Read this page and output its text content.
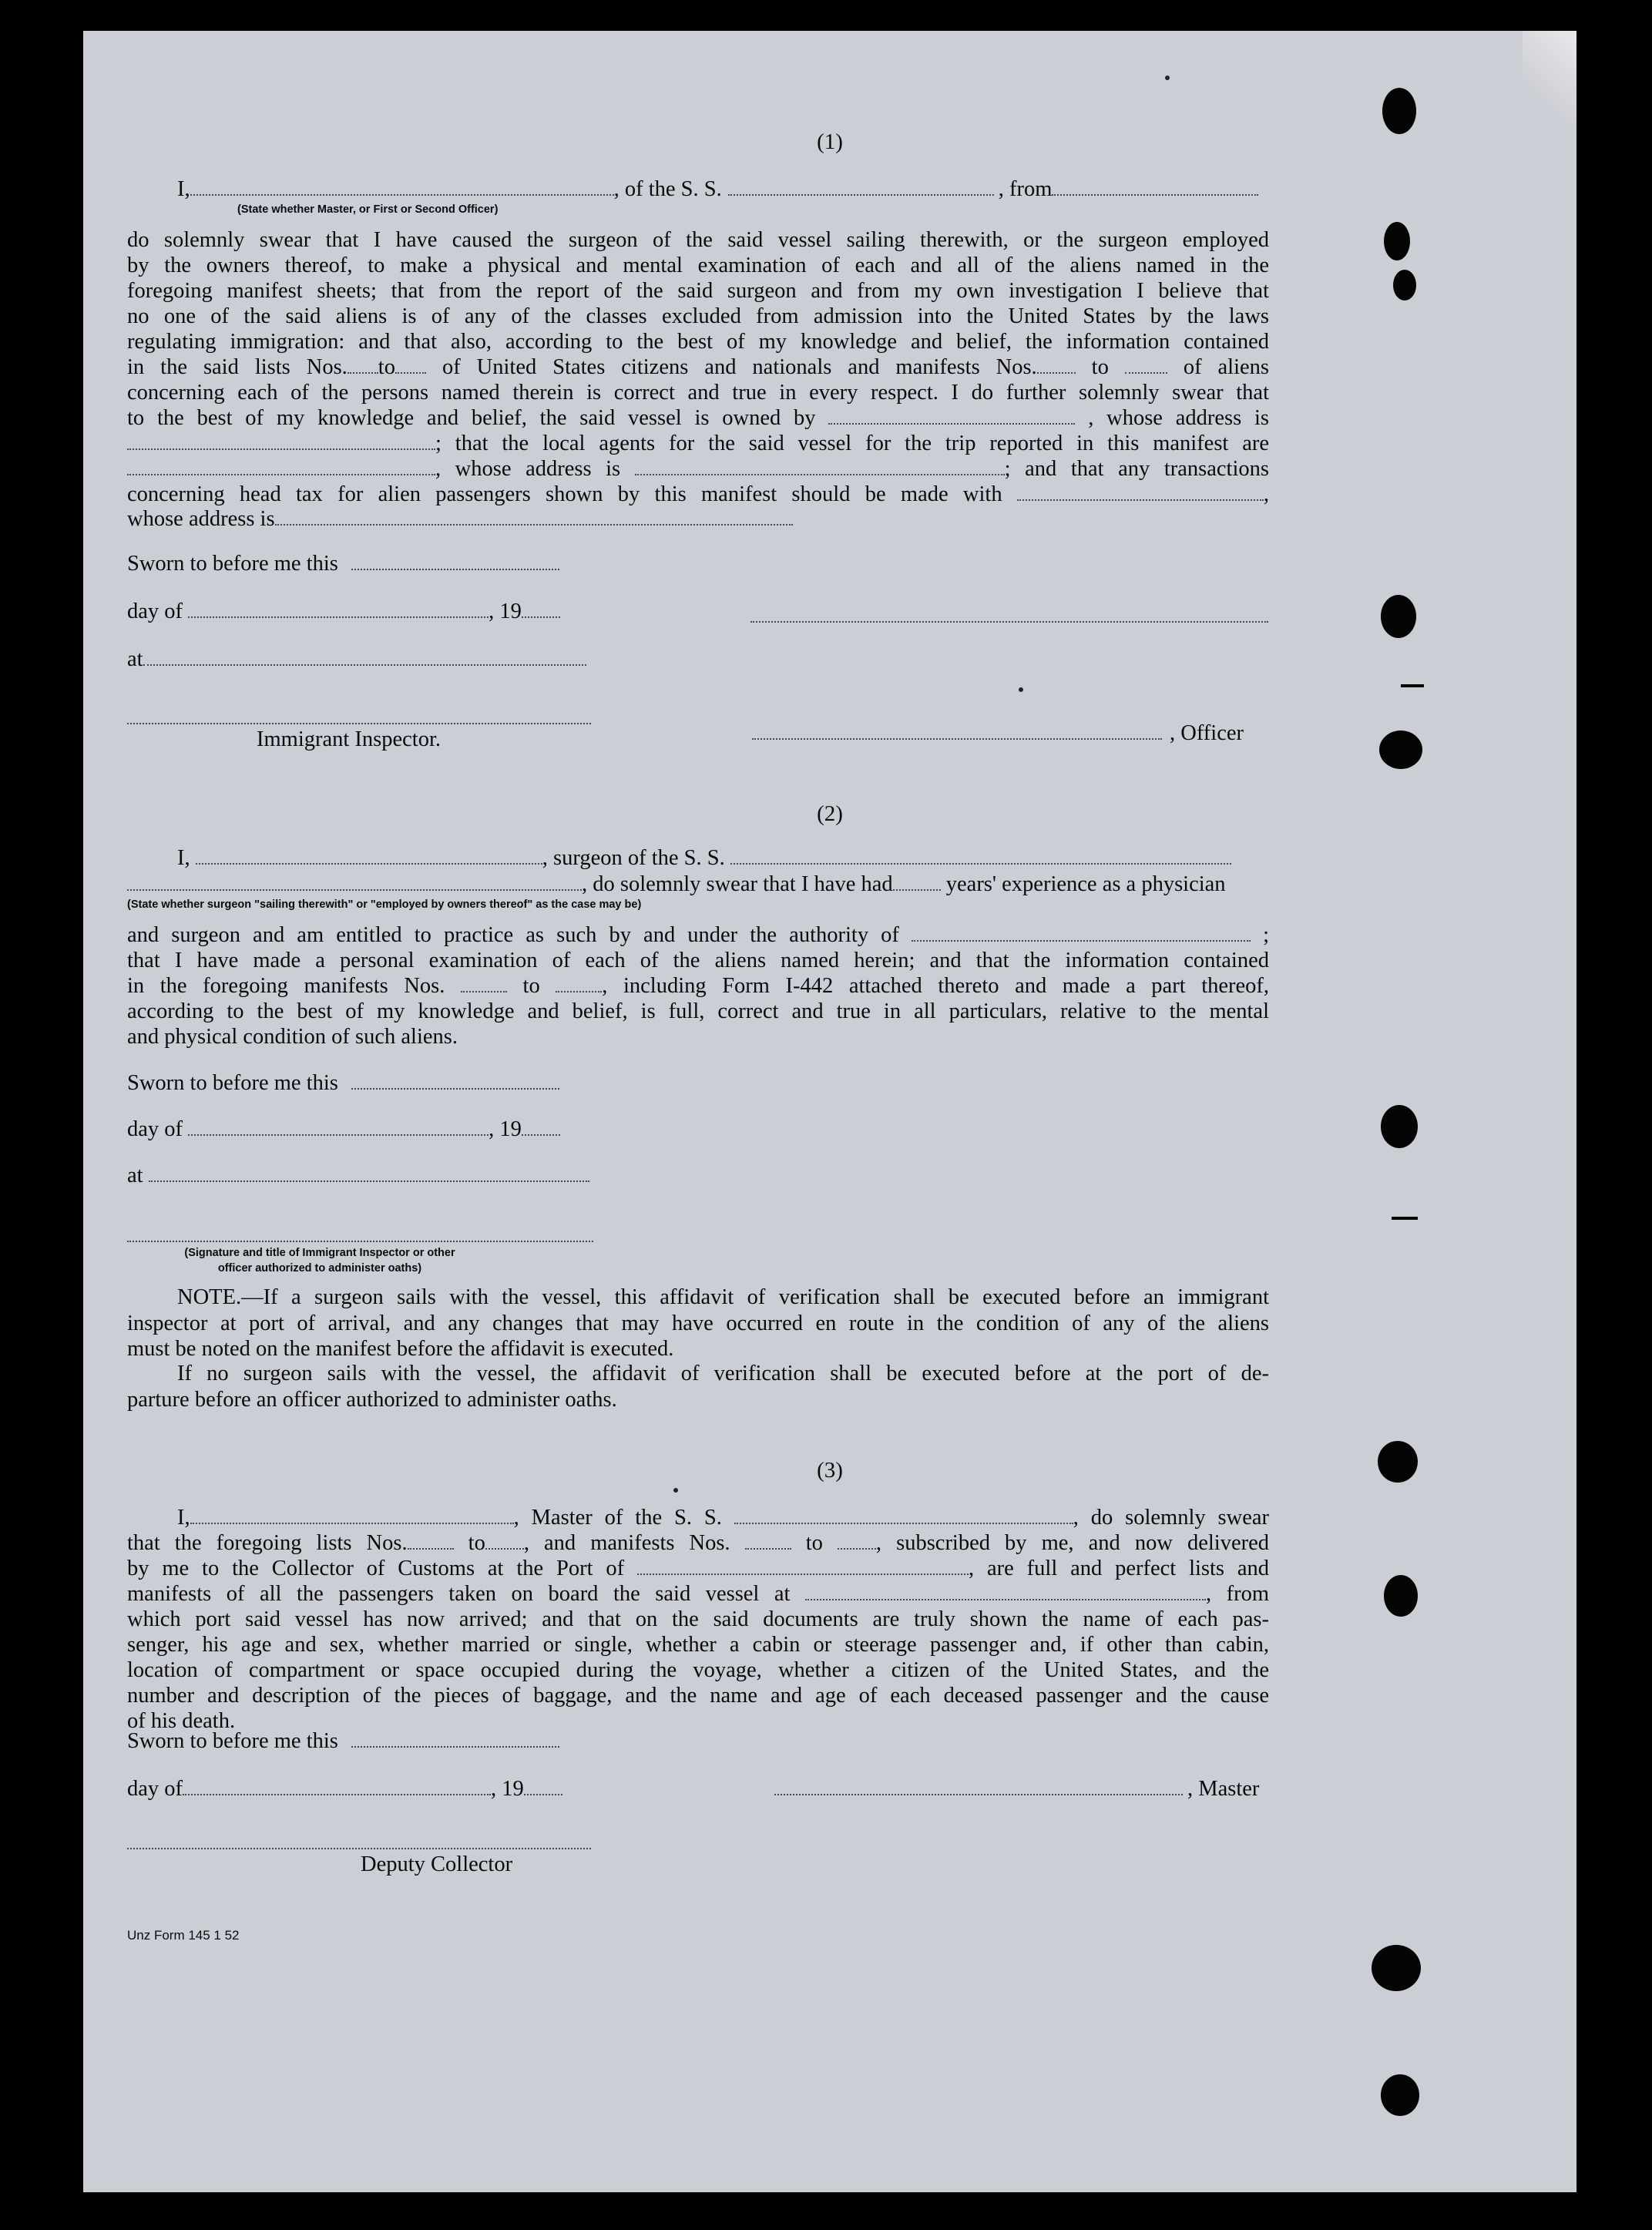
(1)
I,	, of the S. S.	, from
(State whether Master, or First or Second Officer)
do solemnly swear that I have caused the surgeon of the said vessel sailing therewith, or the surgeon employed
by the owners thereof, to make a physical and mental examination of each and all of the aliens named in the
foregoing manifest sheets; that from the report of the said surgeon and from my own investigation I believe that
no one of the said aliens is of any of the classes excluded from admission into the United States by the laws
regulating immigration: and that also, according to the best of my knowledge and belief, the information contained
in the said lists Nos. to of United States citizens and nationals and manifests Nos. to	of aliens
concerning each of the persons named therein is correct and true in every respect. I do further solemnly swear that
to the best of my knowledge and belief, the said vessel is owned by	, whose address is
; that the local agents for the said vessel for the trip reported in this manifest are
, whose address is	; and that any transactions
concerning head tax for alien passengers shown by this manifest should be made with	,
whose address is
Sworn to before me this
day of	, 19
at
Immigrant Inspector.	, Officer
(2)
I,	, surgeon of the S. S.
, do solemnly swear that I have had years' experience as a physician
(State whether surgeon "sailing therewith" or "employed by owners thereof" as the case may be)
and surgeon and am entitled to practice as such by and under the authority of	;
that I have made a personal examination of each of the aliens named herein; and that the information contained
in the foregoing manifests Nos.	to	, including Form I-442 attached thereto and made a part thereof,
according to the best of my knowledge and belief, is full, correct and true in all particulars, relative to the mental
and physical condition of such aliens.
Sworn to before me this
day of	, 19
at
(Signature and title of Immigrant Inspector or other
officer authorized to administer oaths)
NOTE.—If a surgeon sails with the vessel, this affidavit of verification shall be executed before an immigrant
inspector at port of arrival, and any changes that may have occurred en route in the condition of any of the aliens
must be noted on the manifest before the affidavit is executed.
If no surgeon sails with the vessel, the affidavit of verification shall be executed before at the port of de-
parture before an officer authorized to administer oaths.
(3)
I,	, Master of the S. S.	, do solemnly swear
that the foregoing lists Nos.	to , and manifests Nos.	to , subscribed by me, and now delivered
by me to the Collector of Customs at the Port of	, are full and perfect lists and
manifests of all the passengers taken on board the said vessel at	, from
which port said vessel has now arrived; and that on the said documents are truly shown the name of each pas-
senger, his age and sex, whether married or single, whether a cabin or steerage passenger and, if other than cabin,
location of compartment or space occupied during the voyage, whether a citizen of the United States, and the
number and description of the pieces of baggage, and the name and age of each deceased passenger and the cause
of his death.
Sworn to before me this
day of	, 19	, Master
Deputy Collector
Unz Form 145 1 52
